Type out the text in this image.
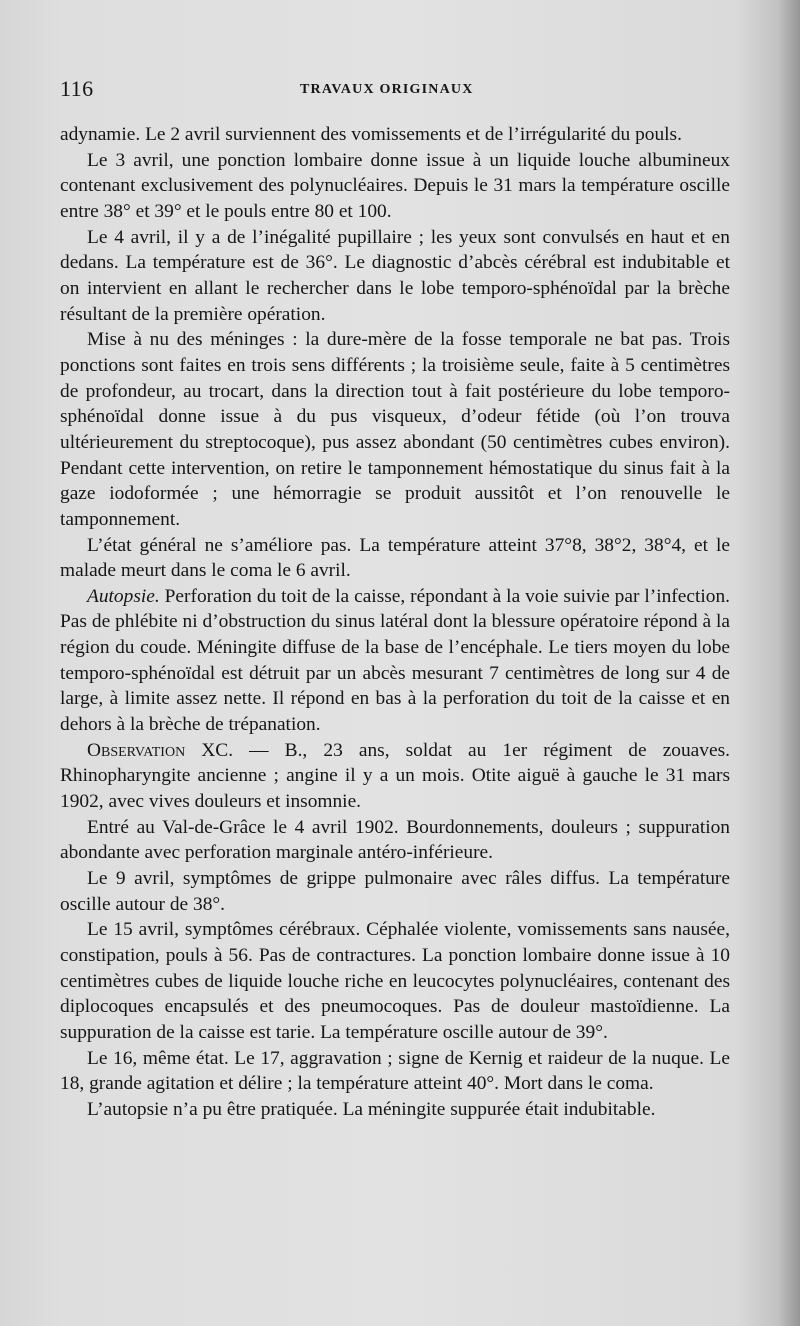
116	TRAVAUX ORIGINAUX

adynamie. Le 2 avril surviennent des vomissements et de l’irrégularité du pouls.

Le 3 avril, une ponction lombaire donne issue à un liquide louche albumineux contenant exclusivement des polynucléaires. Depuis le 31 mars la température oscille entre 38° et 39° et le pouls entre 80 et 100.

Le 4 avril, il y a de l’inégalité pupillaire ; les yeux sont convulsés en haut et en dedans. La température est de 36°. Le diagnostic d’abcès cérébral est indubitable et on intervient en allant le rechercher dans le lobe temporo-sphénoïdal par la brèche résultant de la première opération.

Mise à nu des méninges : la dure-mère de la fosse temporale ne bat pas. Trois ponctions sont faites en trois sens différents ; la troisième seule, faite à 5 centimètres de profondeur, au trocart, dans la direction tout à fait postérieure du lobe temporo-sphénoïdal donne issue à du pus visqueux, d’odeur fétide (où l’on trouva ultérieurement du streptocoque), pus assez abondant (50 centimètres cubes environ). Pendant cette intervention, on retire le tamponnement hémostatique du sinus fait à la gaze iodoformée ; une hémorragie se produit aussitôt et l’on renouvelle le tamponnement.

L’état général ne s’améliore pas. La température atteint 37°8, 38°2, 38°4, et le malade meurt dans le coma le 6 avril.

Autopsie. Perforation du toit de la caisse, répondant à la voie suivie par l’infection. Pas de phlébite ni d’obstruction du sinus latéral dont la blessure opératoire répond à la région du coude. Méningite diffuse de la base de l’encéphale. Le tiers moyen du lobe temporo-sphénoïdal est détruit par un abcès mesurant 7 centimètres de long sur 4 de large, à limite assez nette. Il répond en bas à la perforation du toit de la caisse et en dehors à la brèche de trépanation.

Observation XC. — B., 23 ans, soldat au 1er régiment de zouaves. Rhinopharyngite ancienne ; angine il y a un mois. Otite aiguë à gauche le 31 mars 1902, avec vives douleurs et insomnie.

Entré au Val-de-Grâce le 4 avril 1902. Bourdonnements, douleurs ; suppuration abondante avec perforation marginale antéro-inférieure.

Le 9 avril, symptômes de grippe pulmonaire avec râles diffus. La température oscille autour de 38°.

Le 15 avril, symptômes cérébraux. Céphalée violente, vomissements sans nausée, constipation, pouls à 56. Pas de contractures. La ponction lombaire donne issue à 10 centimètres cubes de liquide louche riche en leucocytes polynucléaires, contenant des diplocoques encapsulés et des pneumocoques. Pas de douleur mastoïdienne. La suppuration de la caisse est tarie. La température oscille autour de 39°.

Le 16, même état. Le 17, aggravation ; signe de Kernig et raideur de la nuque. Le 18, grande agitation et délire ; la température atteint 40°. Mort dans le coma.

L’autopsie n’a pu être pratiquée. La méningite suppurée était indubitable.
